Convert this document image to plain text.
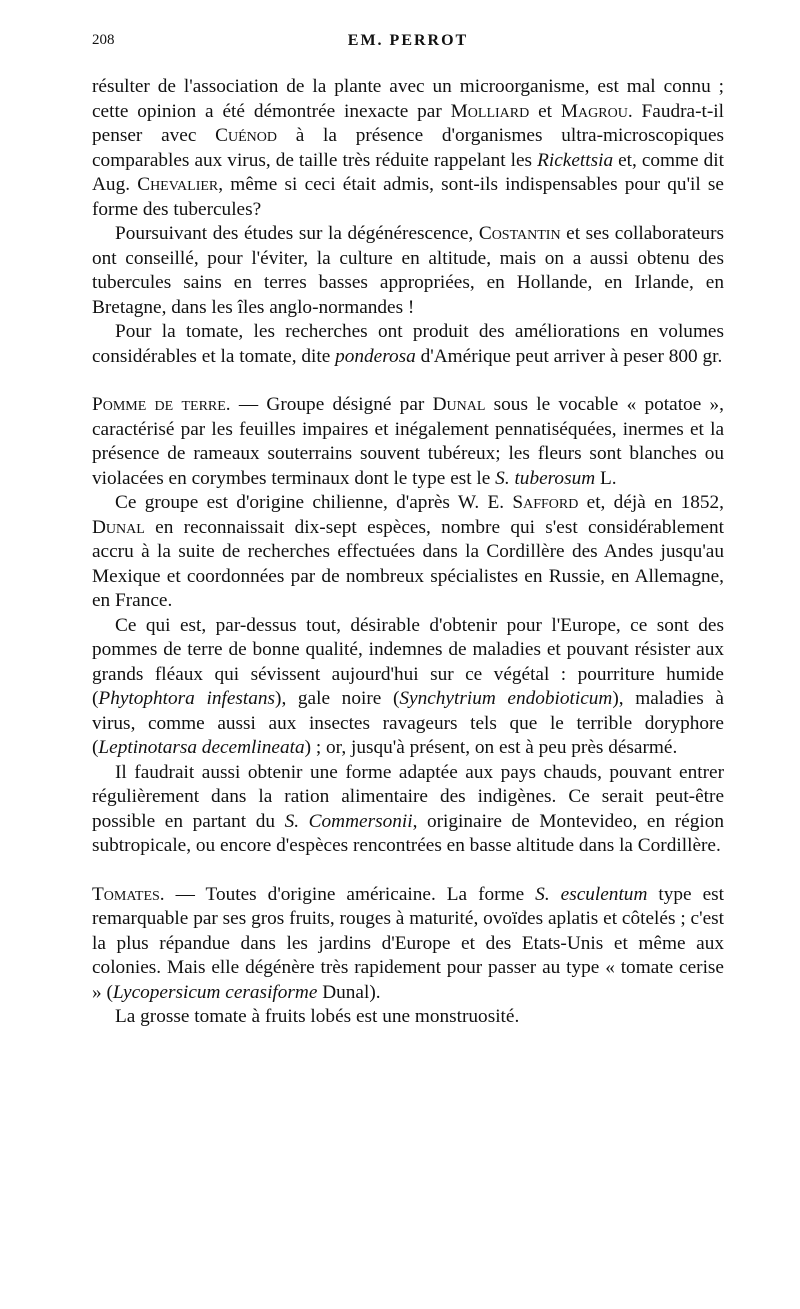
208	EM. PERROT

résulter de l'association de la plante avec un microorganisme, est mal connu ; cette opinion a été démontrée inexacte par Molliard et Magrou. Faudra-t-il penser avec Cuénod à la présence d'organismes ultra-microscopiques comparables aux virus, de taille très réduite rappelant les Rickettsia et, comme dit Aug. Chevalier, même si ceci était admis, sont-ils indispensables pour qu'il se forme des tubercules?

Poursuivant des études sur la dégénérescence, Costantin et ses collaborateurs ont conseillé, pour l'éviter, la culture en altitude, mais on a aussi obtenu des tubercules sains en terres basses appropriées, en Hollande, en Irlande, en Bretagne, dans les îles anglo-normandes !

Pour la tomate, les recherches ont produit des améliorations en volumes considérables et la tomate, dite ponderosa d'Amérique peut arriver à peser 800 gr.

Pomme de terre. — Groupe désigné par Dunal sous le vocable « potatoe », caractérisé par les feuilles impaires et inégalement pennatiséquées, inermes et la présence de rameaux souterrains souvent tubéreux; les fleurs sont blanches ou violacées en corymbes terminaux dont le type est le S. tuberosum L.

Ce groupe est d'origine chilienne, d'après W. E. Safford et, déjà en 1852, Dunal en reconnaissait dix-sept espèces, nombre qui s'est considérablement accru à la suite de recherches effectuées dans la Cordillère des Andes jusqu'au Mexique et coordonnées par de nombreux spécialistes en Russie, en Allemagne, en France.

Ce qui est, par-dessus tout, désirable d'obtenir pour l'Europe, ce sont des pommes de terre de bonne qualité, indemnes de maladies et pouvant résister aux grands fléaux qui sévissent aujourd'hui sur ce végétal : pourriture humide (Phytophtora infestans), gale noire (Synchytrium endobioticum), maladies à virus, comme aussi aux insectes ravageurs tels que le terrible doryphore (Leptinotarsa decemlineata) ; or, jusqu'à présent, on est à peu près désarmé.

Il faudrait aussi obtenir une forme adaptée aux pays chauds, pouvant entrer régulièrement dans la ration alimentaire des indigènes. Ce serait peut-être possible en partant du S. Commersonii, originaire de Montevideo, en région subtropicale, ou encore d'espèces rencontrées en basse altitude dans la Cordillère.

Tomates. — Toutes d'origine américaine. La forme S. esculentum type est remarquable par ses gros fruits, rouges à maturité, ovoïdes aplatis et côtelés ; c'est la plus répandue dans les jardins d'Europe et des Etats-Unis et même aux colonies. Mais elle dégénère très rapidement pour passer au type « tomate cerise » (Lycopersicum cerasiforme Dunal).

La grosse tomate à fruits lobés est une monstruosité.
